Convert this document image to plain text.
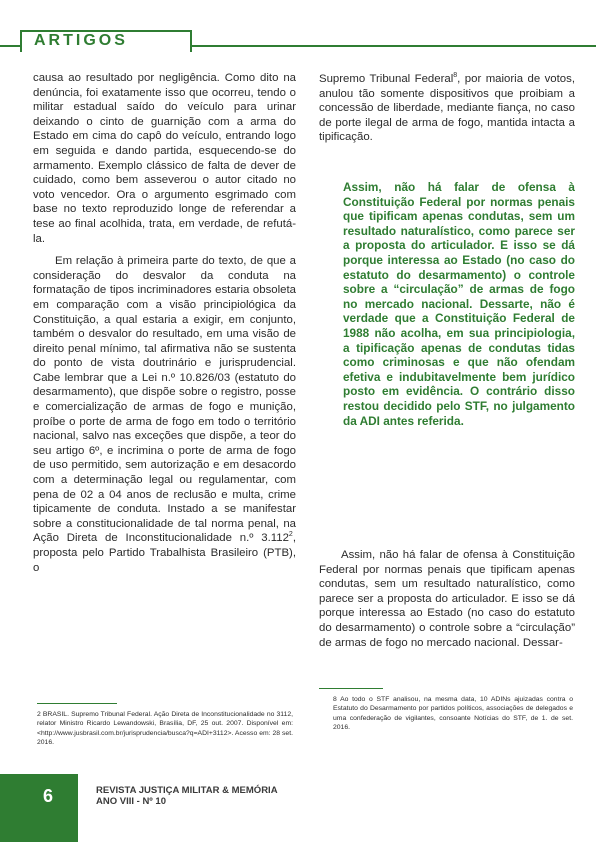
ARTIGOS

causa ao resultado por negligência. Como dito na denúncia, foi exatamente isso que ocorreu, tendo o militar estadual saído do veículo para urinar deixando o cinto de guarnição com a arma do Estado em cima do capô do veículo, entrando logo em seguida e dando partida, esquecendo-se do armamento. Exemplo clássico de falta de dever de cuidado, como bem asseverou o autor citado no voto vencedor. Ora o argumento esgrimado com base no texto reproduzido longe de referendar a tese ao final acolhida, trata, em verdade, de refutá-la.

Em relação à primeira parte do texto, de que a consideração do desvalor da conduta na formatação de tipos incriminadores estaria obsoleta em comparação com a visão principiológica da Constituição, a qual estaria a exigir, em conjunto, também o desvalor do resultado, em uma visão de direito penal mínimo, tal afirmativa não se sustenta do ponto de vista doutrinário e jurisprudencial. Cabe lembrar que a Lei n.º 10.826/03 (estatuto do desarmamento), que dispõe sobre o registro, posse e comercialização de armas de fogo e munição, proíbe o porte de arma de fogo em todo o território nacional, salvo nas exceções que dispõe, a teor do seu artigo 6º, e incrimina o porte de arma de fogo de uso permitido, sem autorização e em desacordo com a determinação legal ou regulamentar, com pena de 02 a 04 anos de reclusão e multa, crime tipicamente de conduta. Instado a se manifestar sobre a constitucionalidade de tal norma penal, na Ação Direta de Inconstitucionalidade n.º 3.112$^2$, proposta pelo Partido Trabalhista Brasileiro (PTB), o

Supremo Tribunal Federal$^8$, por maioria de votos, anulou tão somente dispositivos que proibiam a concessão de liberdade, mediante fiança, no caso de porte ilegal de arma de fogo, mantida intacta a tipificação.

Assim, não há falar de ofensa à Constituição Federal por normas penais que tipificam apenas condutas, sem um resultado naturalístico, como parece ser a proposta do articulador. E isso se dá porque interessa ao Estado (no caso do estatuto do desarmamento) o controle sobre a “circulação” de armas de fogo no mercado nacional. Dessarte, não é verdade que a Constituição Federal de 1988 não acolha, em sua principiologia, a tipificação apenas de condutas tidas como criminosas e que não ofendam efetiva e indubitavelmente bem jurídico posto em evidência. O contrário disso restou decidido pelo STF, no julgamento da ADI antes referida.

Assim, não há falar de ofensa à Constituição Federal por normas penais que tipificam apenas condutas, sem um resultado naturalístico, como parece ser a proposta do articulador. E isso se dá porque interessa ao Estado (no caso do estatuto do desarmamento) o controle sobre a “circulação” de armas de fogo no mercado nacional. Dessar-

2 BRASIL. Supremo Tribunal Federal. Ação Direta de Inconstitucionalidade no 3112, relator Ministro Ricardo Lewandowski, Brasília, DF, 25 out. 2007. Disponível em: <http://www.jusbrasil.com.br/jurisprudencia/busca?q=ADI+3112>. Acesso em: 28 set. 2016.
8 Ao todo o STF analisou, na mesma data, 10 ADINs ajuizadas contra o Estatuto do Desarmamento por partidos políticos, associações de delegados e uma confederação de vigilantes, consoante Notícias do STF, de 1. de set. 2016.
6	REVISTA JUSTIÇA MILITAR & MEMÓRIA
ANO VIII - Nº 10
